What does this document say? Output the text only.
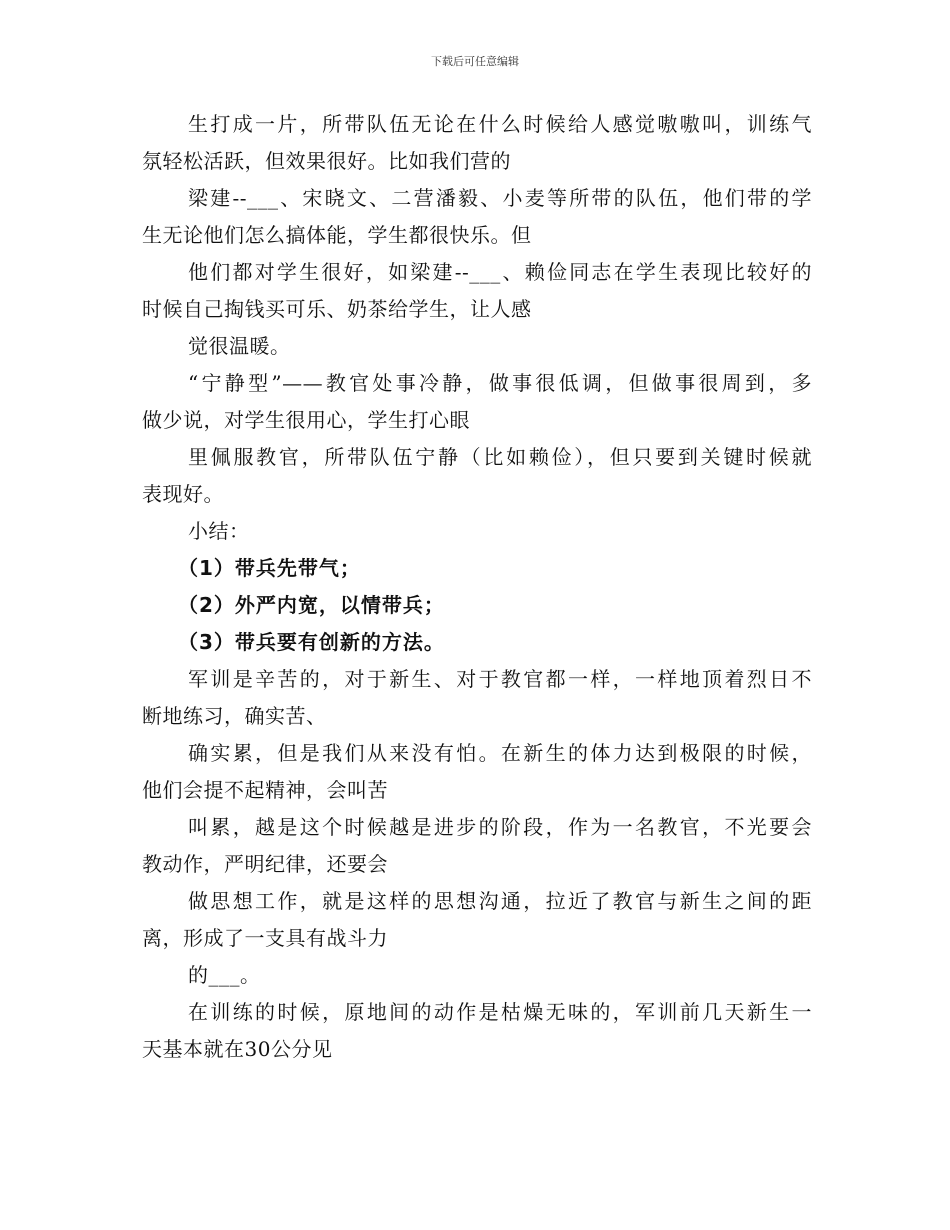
下载后可任意编辑
生打成一片，所带队伍无论在什么时候给人感觉嗷嗷叫，训练气
氛轻松活跃，但效果很好。比如我们营的
梁建--___、宋晓文、二营潘毅、小麦等所带的队伍，他们带的学
生无论他们怎么搞体能，学生都很快乐。但
他们都对学生很好，如梁建--___、赖俭同志在学生表现比较好的
时候自己掏钱买可乐、奶茶给学生，让人感
觉很温暖。
“宁静型”——教官处事冷静，做事很低调，但做事很周到，多
做少说，对学生很用心，学生打心眼
里佩服教官，所带队伍宁静（比如赖俭），但只要到关键时候就
表现好。
小结：
（1）带兵先带气；
（2）外严内宽，以情带兵；
（3）带兵要有创新的方法。
军训是辛苦的，对于新生、对于教官都一样，一样地顶着烈日不
断地练习，确实苦、
确实累，但是我们从来没有怕。在新生的体力达到极限的时候，
他们会提不起精神，会叫苦
叫累，越是这个时候越是进步的阶段，作为一名教官，不光要会
教动作，严明纪律，还要会
做思想工作，就是这样的思想沟通，拉近了教官与新生之间的距
离，形成了一支具有战斗力
的___。
在训练的时候，原地间的动作是枯燥无味的，军训前几天新生一
天基本就在30公分见
